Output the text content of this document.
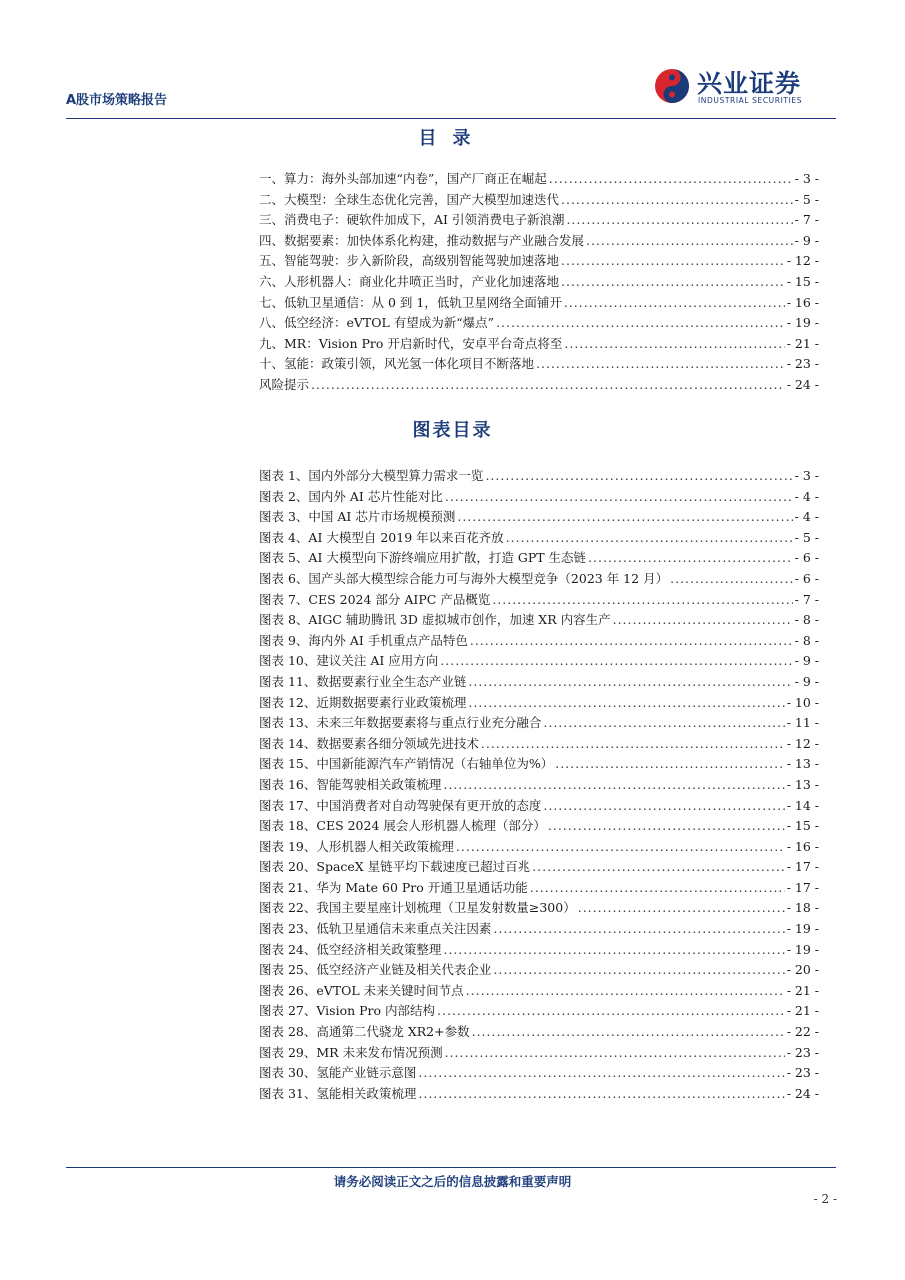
A股市场策略报告
兴业证券
INDUSTRIAL SECURITIES
目录
一、算力：海外头部加速“内卷”，国产厂商正在崛起 .....	- 3 -
二、大模型：全球生态优化完善，国产大模型加速迭代 .....	- 5 -
三、消费电子：硬软件加成下，AI 引领消费电子新浪潮 .....	- 7 -
四、数据要素：加快体系化构建，推动数据与产业融合发展 .....	- 9 -
五、智能驾驶：步入新阶段，高级别智能驾驶加速落地 .....	- 12 -
六、人形机器人：商业化井喷正当时，产业化加速落地 .....	- 15 -
七、低轨卫星通信：从 0 到 1，低轨卫星网络全面铺开 .....	- 16 -
八、低空经济：eVTOL 有望成为新“爆点” .....	- 19 -
九、MR：Vision Pro 开启新时代，安卓平台奇点将至 .....	- 21 -
十、氢能：政策引领，风光氢一体化项目不断落地 .....	- 23 -
风险提示 .....	- 24 -
图表目录
图表 1、国内外部分大模型算力需求一览 .....	- 3 -
图表 2、国内外 AI 芯片性能对比 .....	- 4 -
图表 3、中国 AI 芯片市场规模预测 .....	- 4 -
图表 4、AI 大模型自 2019 年以来百花齐放 .....	- 5 -
图表 5、AI 大模型向下游终端应用扩散，打造 GPT 生态链 .....	- 6 -
图表 6、国产头部大模型综合能力可与海外大模型竞争（2023 年 12 月） .....	- 6 -
图表 7、CES 2024 部分 AIPC 产品概览 .....	- 7 -
图表 8、AIGC 辅助腾讯 3D 虚拟城市创作，加速 XR 内容生产 .....	- 8 -
图表 9、海内外 AI 手机重点产品特色 .....	- 8 -
图表 10、建议关注 AI 应用方向 .....	- 9 -
图表 11、数据要素行业全生态产业链 .....	- 9 -
图表 12、近期数据要素行业政策梳理 .....	- 10 -
图表 13、未来三年数据要素将与重点行业充分融合 .....	- 11 -
图表 14、数据要素各细分领域先进技术 .....	- 12 -
图表 15、中国新能源汽车产销情况（右轴单位为%） .....	- 13 -
图表 16、智能驾驶相关政策梳理 .....	- 13 -
图表 17、中国消费者对自动驾驶保有更开放的态度 .....	- 14 -
图表 18、CES 2024 展会人形机器人梳理（部分） .....	- 15 -
图表 19、人形机器人相关政策梳理 .....	- 16 -
图表 20、SpaceX 星链平均下载速度已超过百兆 .....	- 17 -
图表 21、华为 Mate 60 Pro 开通卫星通话功能 .....	- 17 -
图表 22、我国主要星座计划梳理（卫星发射数量≥300） .....	- 18 -
图表 23、低轨卫星通信未来重点关注因素 .....	- 19 -
图表 24、低空经济相关政策整理 .....	- 19 -
图表 25、低空经济产业链及相关代表企业 .....	- 20 -
图表 26、eVTOL 未来关键时间节点 .....	- 21 -
图表 27、Vision Pro 内部结构 .....	- 21 -
图表 28、高通第二代骁龙 XR2+参数 .....	- 22 -
图表 29、MR 未来发布情况预测 .....	- 23 -
图表 30、氢能产业链示意图 .....	- 23 -
图表 31、氢能相关政策梳理 .....	- 24 -
请务必阅读正文之后的信息披露和重要声明
- 2 -
